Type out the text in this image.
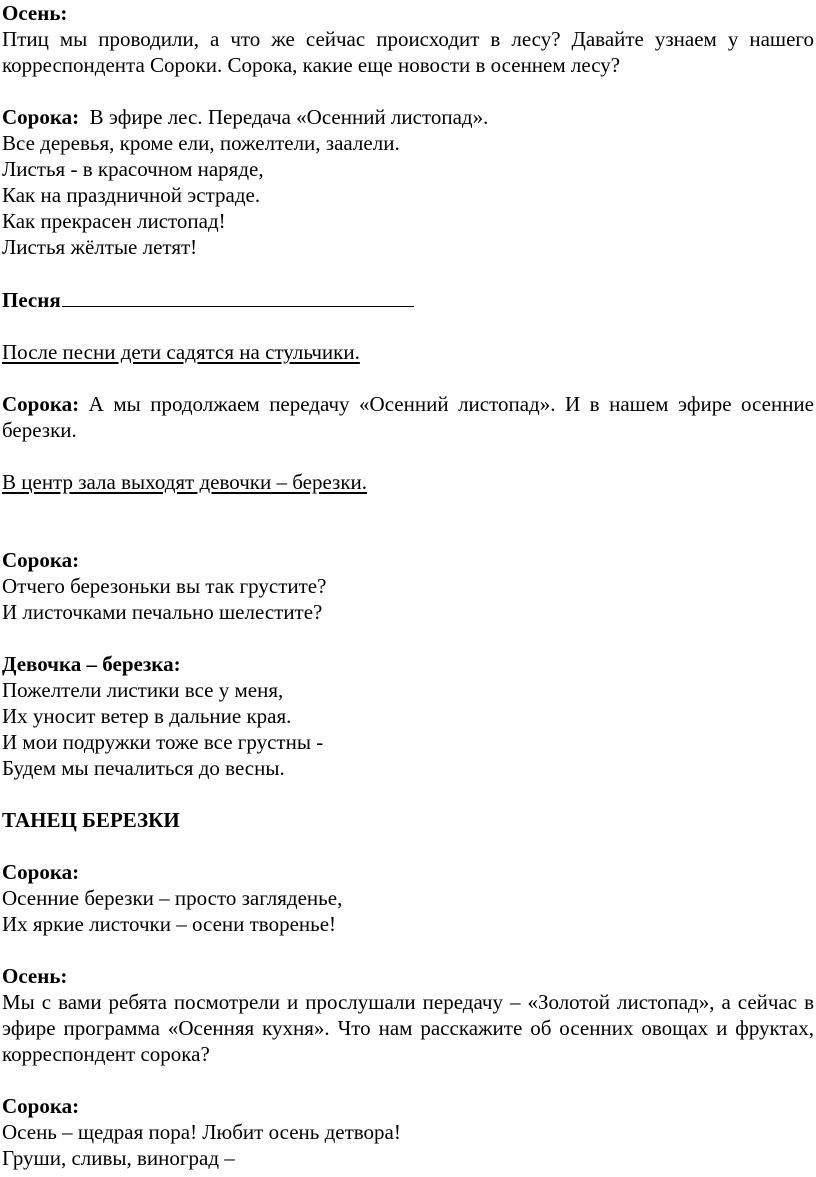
Осень:

Птиц мы проводили, а что же сейчас происходит в лесу? Давайте узнаем у нашего корреспондента Сороки. Сорока, какие еще новости в осеннем лесу?

Сорока:  В эфире лес. Передача «Осенний листопад».

Все деревья, кроме ели, пожелтели, заалели.

Листья - в красочном наряде,

Как на праздничной эстраде.

Как прекрасен листопад!

Листья жёлтые летят!

Песня

После песни дети садятся на стульчики.

Сорока: А мы продолжаем передачу «Осенний листопад». И в нашем эфире осенние березки.

В центр зала выходят девочки – березки.

Сорока:

Отчего березоньки вы так грустите?

И листочками печально шелестите?

Девочка – березка:

Пожелтели листики все у меня,

Их уносит ветер в дальние края.

И мои подружки тоже все грустны -

Будем мы печалиться до весны.

ТАНЕЦ БЕРЕЗКИ

Сорока:

Осенние березки – просто загляденье,

Их яркие листочки – осени творенье!

Осень:

Мы с вами ребята посмотрели и прослушали передачу – «Золотой листопад», а сейчас в эфире программа «Осенняя кухня». Что нам расскажите об осенних овощах и фруктах, корреспондент сорока?

Сорока:

Осень – щедрая пора! Любит осень детвора!

Груши, сливы, виноград –
